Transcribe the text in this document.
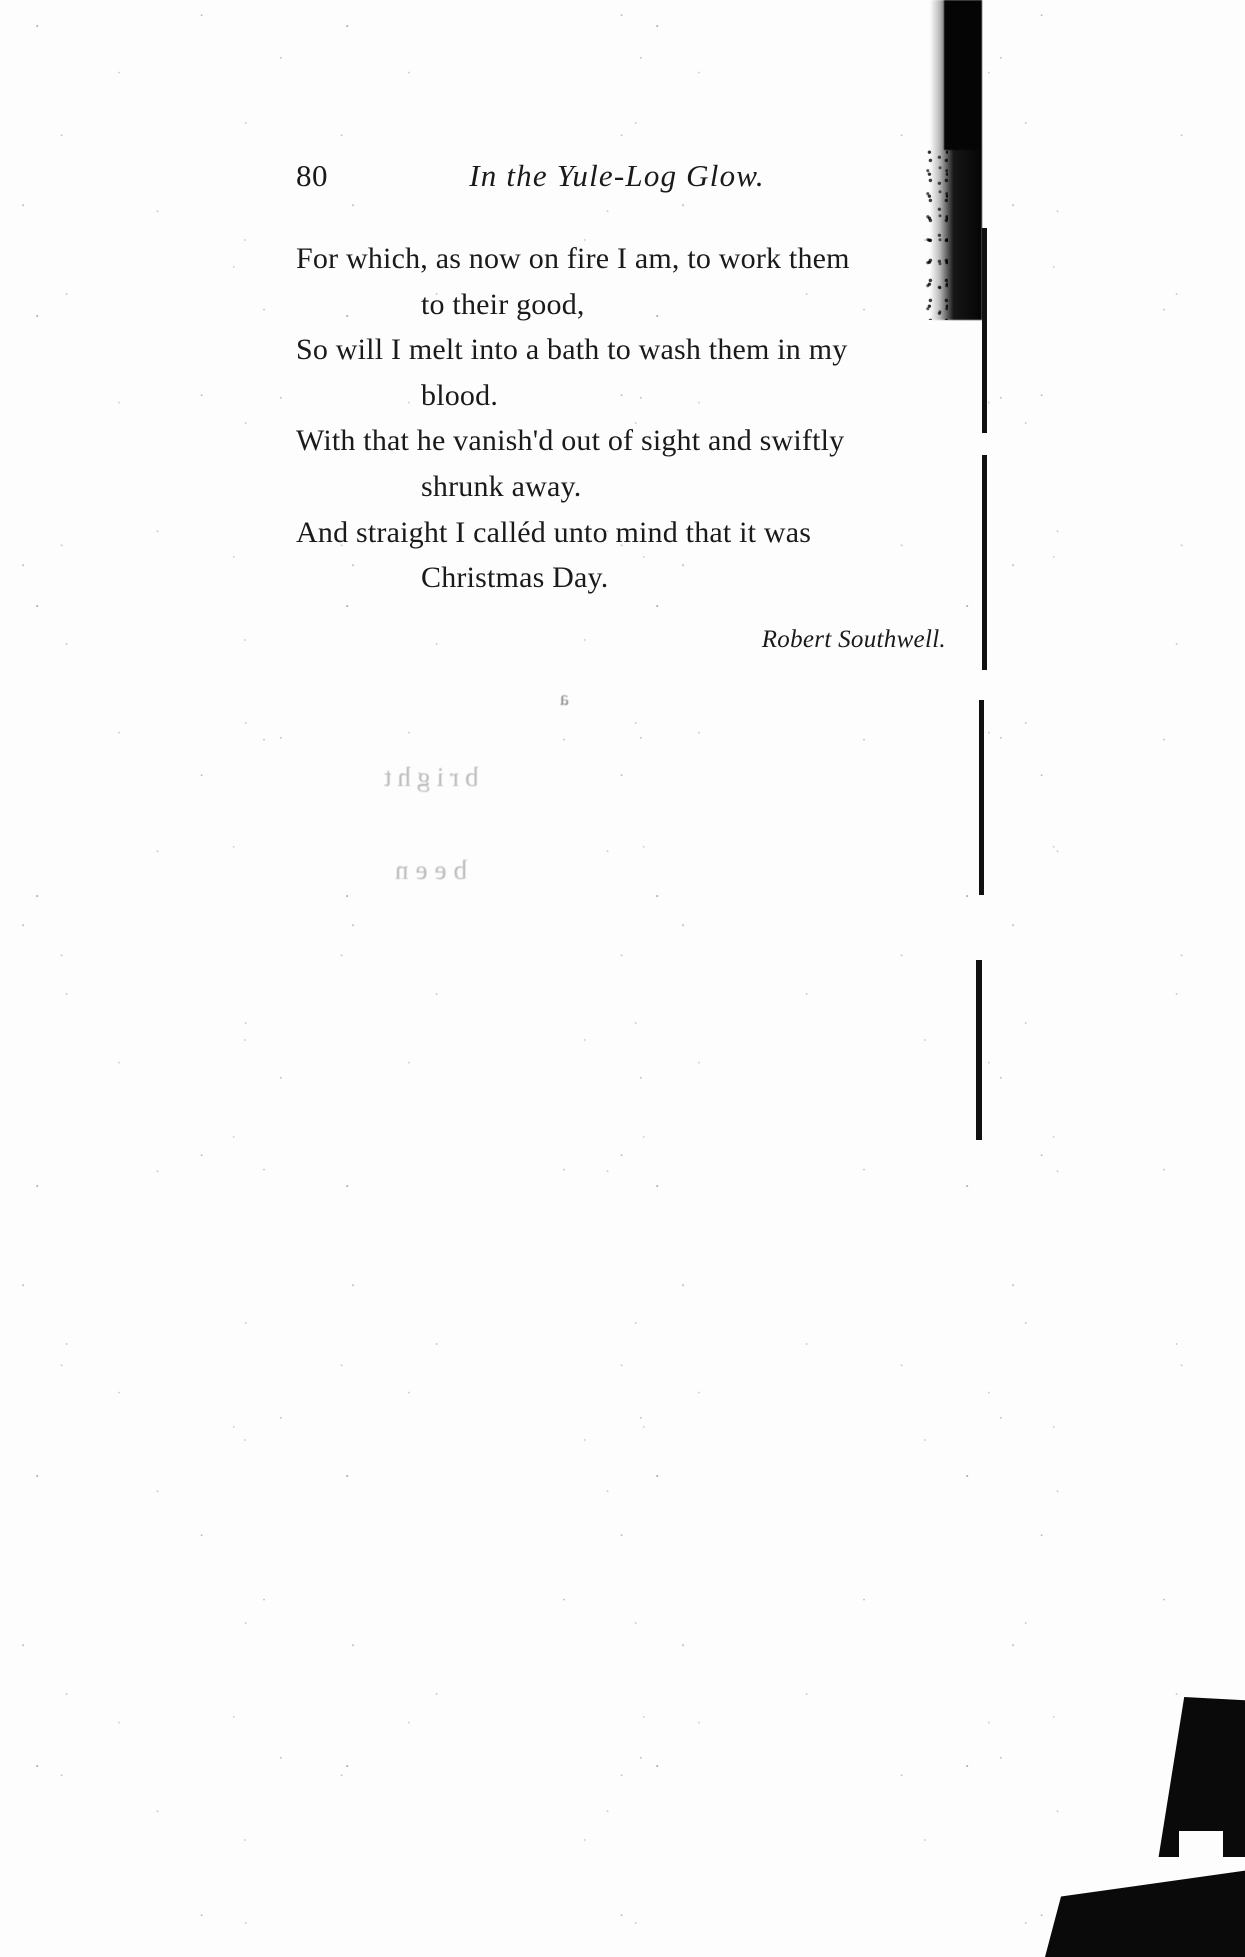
80	In the Yule-Log Glow.
For which, as now on fire I am, to work them
to their good,
So will I melt into a bath to wash them in my
blood.
With that he vanish'd out of sight and swiftly
shrunk away.
And straight I calléd unto mind that it was
Christmas Day.
Robert Southwell.
a
bright
been
